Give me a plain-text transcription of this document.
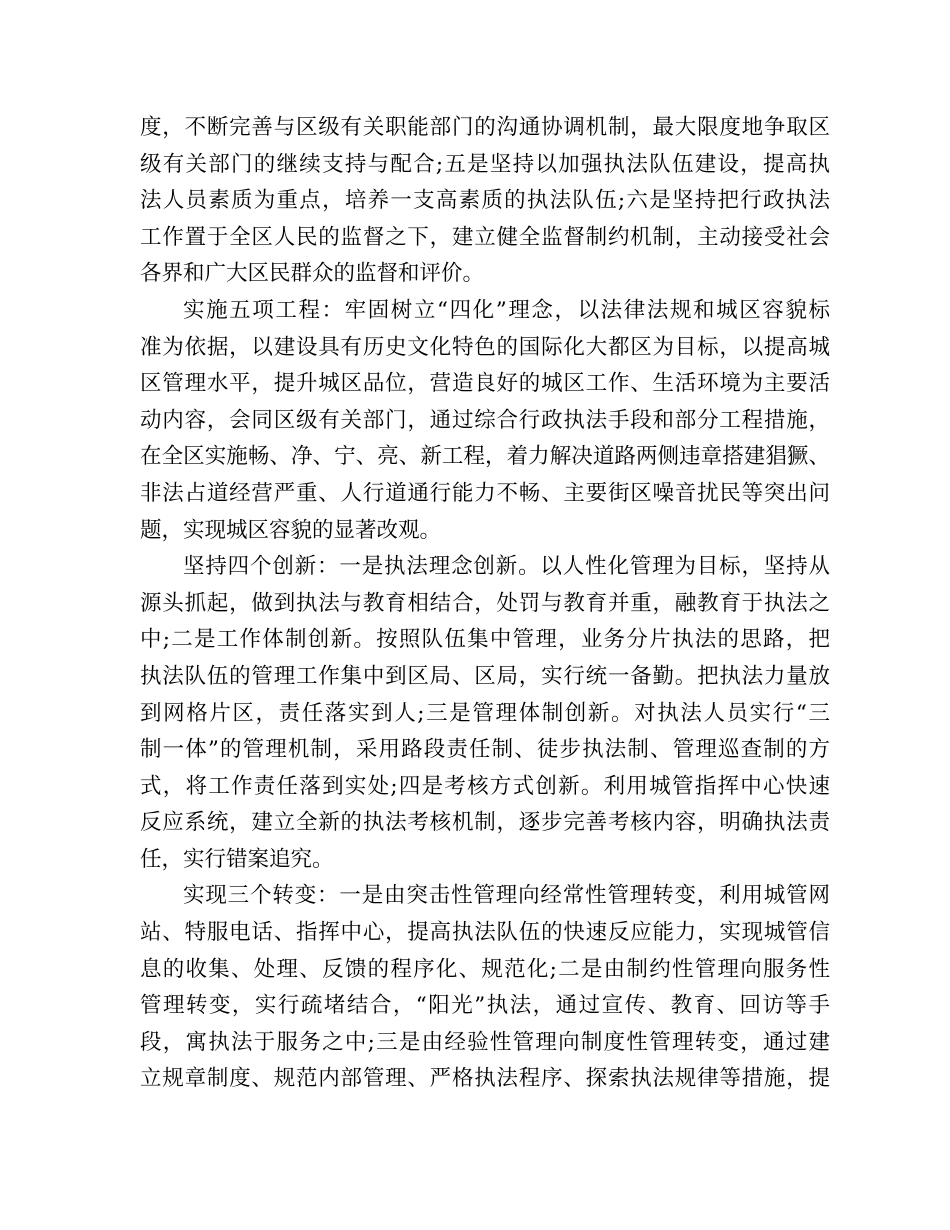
度，不断完善与区级有关职能部门的沟通协调机制，最大限度地争取区
级有关部门的继续支持与配合;五是坚持以加强执法队伍建设，提高执
法人员素质为重点，培养一支高素质的执法队伍;六是坚持把行政执法
工作置于全区人民的监督之下，建立健全监督制约机制，主动接受社会
各界和广大区民群众的监督和评价。
实施五项工程：牢固树立“四化”理念，以法律法规和城区容貌标
准为依据，以建设具有历史文化特色的国际化大都区为目标，以提高城
区管理水平，提升城区品位，营造良好的城区工作、生活环境为主要活
动内容，会同区级有关部门，通过综合行政执法手段和部分工程措施，
在全区实施畅、净、宁、亮、新工程，着力解决道路两侧违章搭建猖獗、
非法占道经营严重、人行道通行能力不畅、主要街区噪音扰民等突出问
题，实现城区容貌的显著改观。
坚持四个创新：一是执法理念创新。以人性化管理为目标，坚持从
源头抓起，做到执法与教育相结合，处罚与教育并重，融教育于执法之
中;二是工作体制创新。按照队伍集中管理，业务分片执法的思路，把
执法队伍的管理工作集中到区局、区局，实行统一备勤。把执法力量放
到网格片区，责任落实到人;三是管理体制创新。对执法人员实行“三
制一体”的管理机制，采用路段责任制、徒步执法制、管理巡查制的方
式，将工作责任落到实处;四是考核方式创新。利用城管指挥中心快速
反应系统，建立全新的执法考核机制，逐步完善考核内容，明确执法责
任，实行错案追究。
实现三个转变：一是由突击性管理向经常性管理转变，利用城管网
站、特服电话、指挥中心，提高执法队伍的快速反应能力，实现城管信
息的收集、处理、反馈的程序化、规范化;二是由制约性管理向服务性
管理转变，实行疏堵结合，“阳光”执法，通过宣传、教育、回访等手
段，寓执法于服务之中;三是由经验性管理向制度性管理转变，通过建
立规章制度、规范内部管理、严格执法程序、探索执法规律等措施，提
